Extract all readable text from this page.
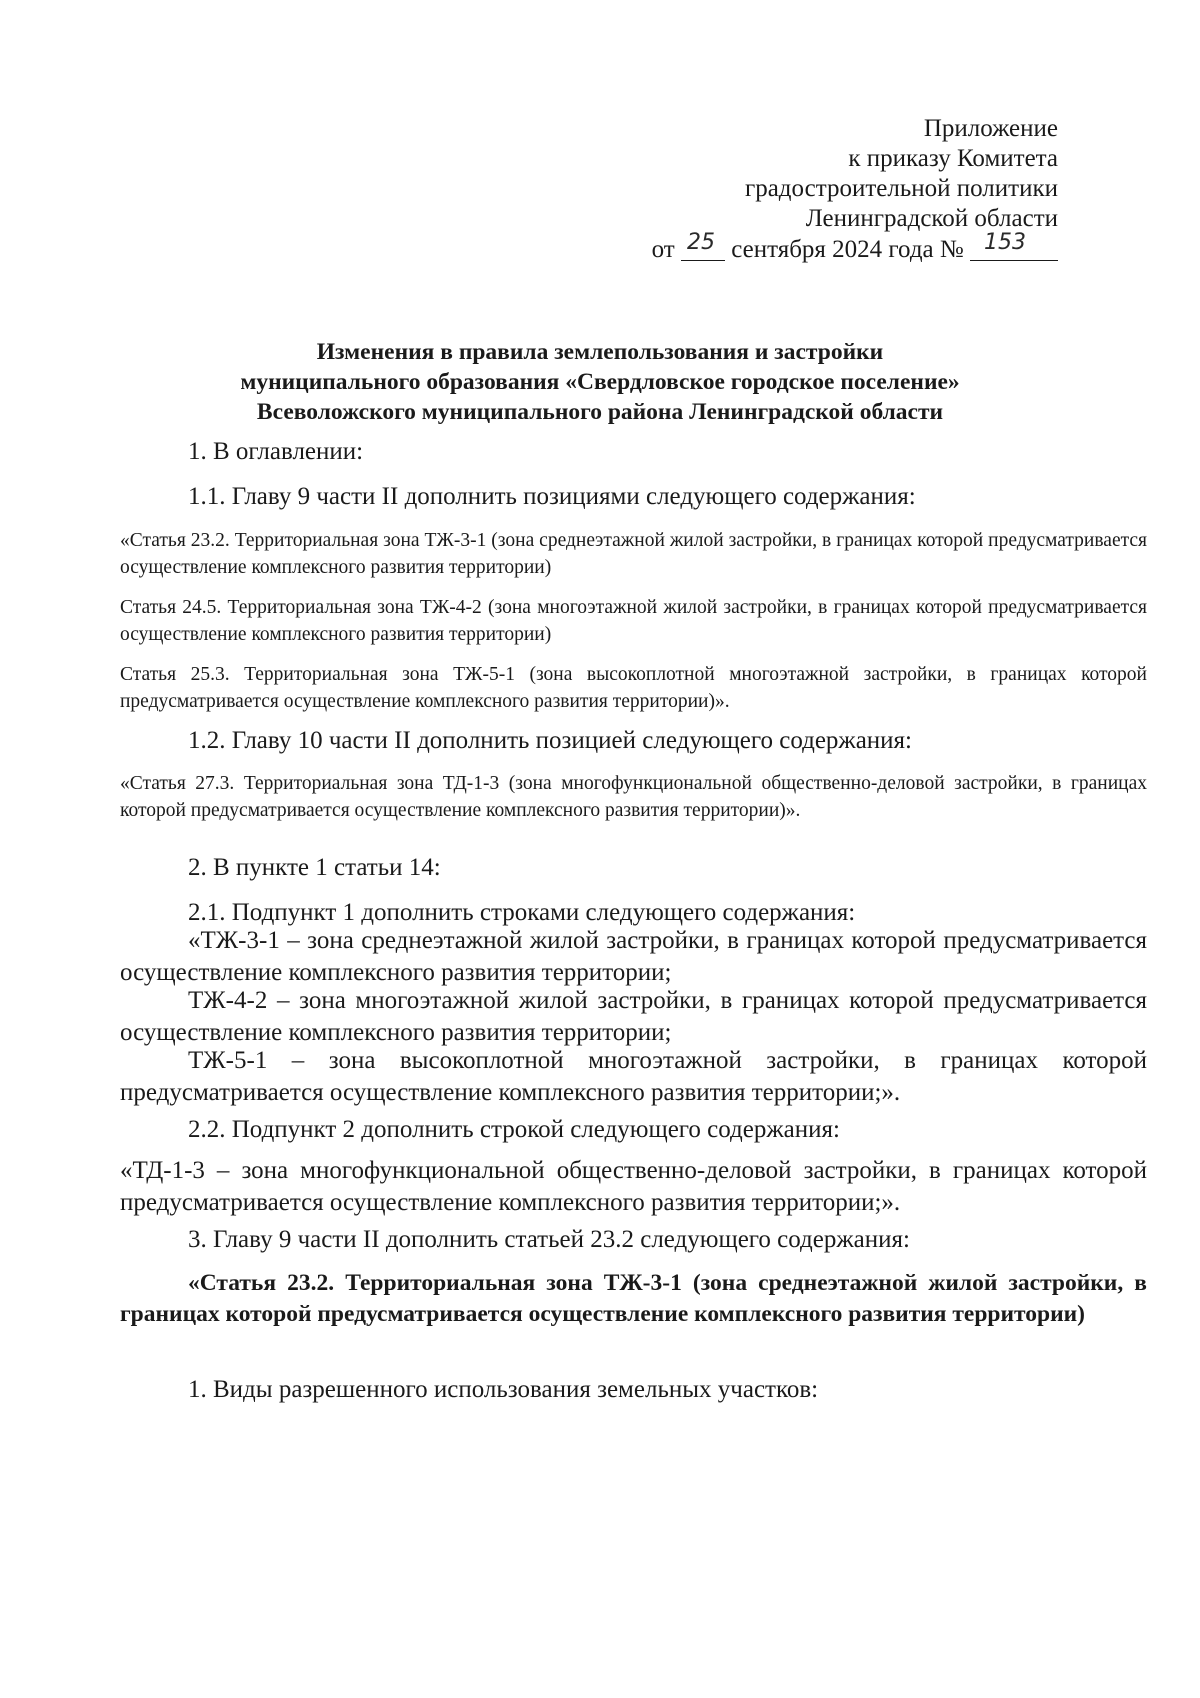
Приложение
к приказу Комитета
градостроительной политики
Ленинградской области
от 25 сентября 2024 года № 153
Изменения в правила землепользования и застройки
муниципального образования «Свердловское городское поселение»
Всеволожского муниципального района Ленинградской области
1. В оглавлении:
1.1. Главу 9 части II дополнить позициями следующего содержания:
«Статья 23.2. Территориальная зона ТЖ-3-1 (зона среднеэтажной жилой застройки, в границах которой предусматривается осуществление комплексного развития территории)
Статья 24.5. Территориальная зона ТЖ-4-2 (зона многоэтажной жилой застройки, в границах которой предусматривается осуществление комплексного развития территории)
Статья 25.3. Территориальная зона ТЖ-5-1 (зона высокоплотной многоэтажной застройки, в границах которой предусматривается осуществление комплексного развития территории)».
1.2. Главу 10 части II дополнить позицией следующего содержания:
«Статья 27.3. Территориальная зона ТД-1-3 (зона многофункциональной общественно-деловой застройки, в границах которой предусматривается осуществление комплексного развития территории)».
2. В пункте 1 статьи 14:
2.1. Подпункт 1 дополнить строками следующего содержания:
«ТЖ-3-1 – зона среднеэтажной жилой застройки, в границах которой предусматривается осуществление комплексного развития территории;
ТЖ-4-2 – зона многоэтажной жилой застройки, в границах которой предусматривается осуществление комплексного развития территории;
ТЖ-5-1 – зона высокоплотной многоэтажной застройки, в границах которой предусматривается осуществление комплексного развития территории;».
2.2. Подпункт 2 дополнить строкой следующего содержания:
«ТД-1-3 – зона многофункциональной общественно-деловой застройки, в границах которой предусматривается осуществление комплексного развития территории;».
3. Главу 9 части II дополнить статьей 23.2 следующего содержания:
«Статья 23.2. Территориальная зона ТЖ-3-1 (зона среднеэтажной жилой застройки, в границах которой предусматривается осуществление комплексного развития территории)
1. Виды разрешенного использования земельных участков:
